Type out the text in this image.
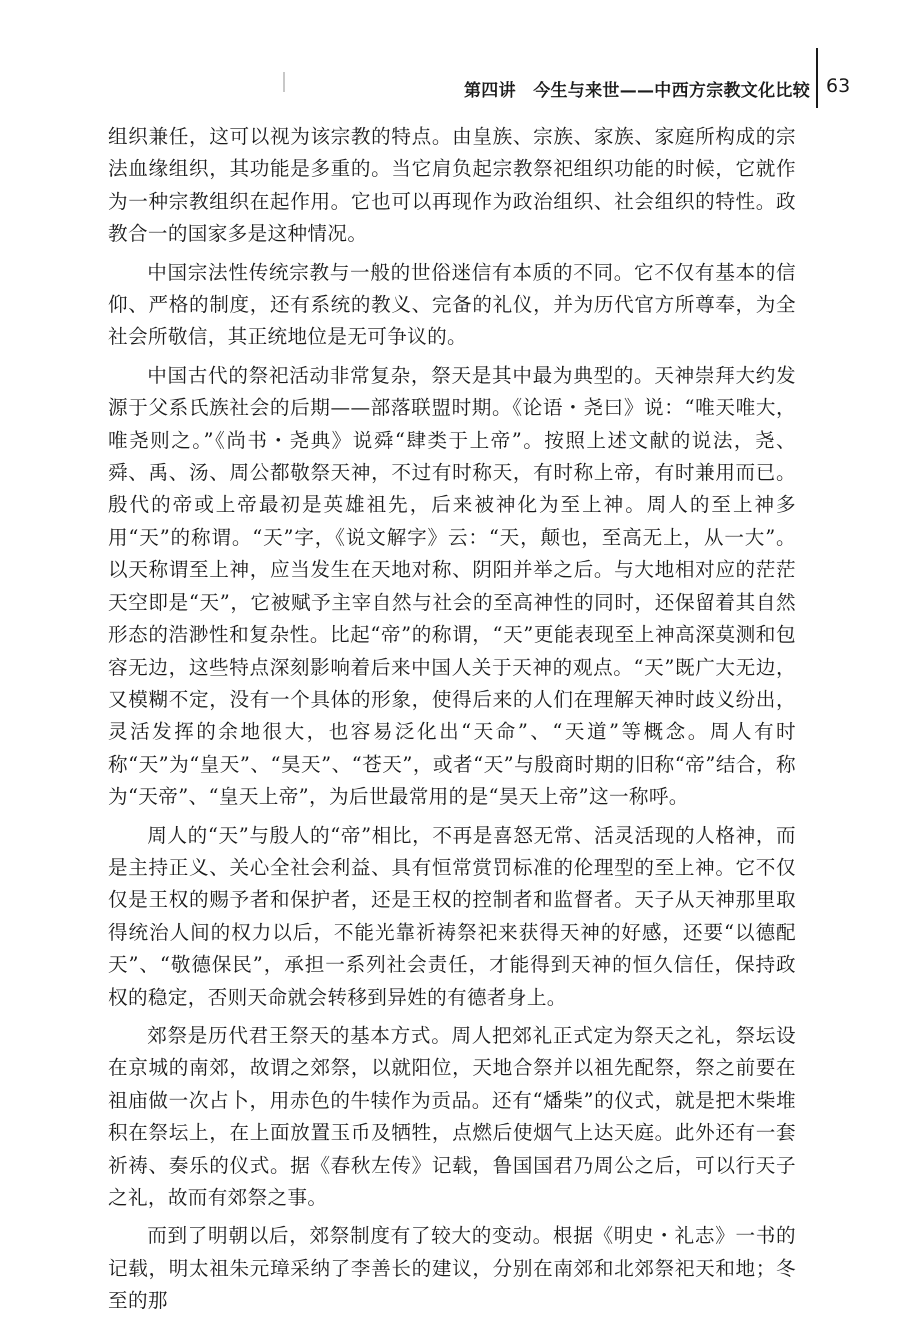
第四讲　今生与来世——中西方宗教文化比较 63

组织兼任，这可以视为该宗教的特点。由皇族、宗族、家族、家庭所构成的宗法血缘组织，其功能是多重的。当它肩负起宗教祭祀组织功能的时候，它就作为一种宗教组织在起作用。它也可以再现作为政治组织、社会组织的特性。政教合一的国家多是这种情况。

中国宗法性传统宗教与一般的世俗迷信有本质的不同。它不仅有基本的信仰、严格的制度，还有系统的教义、完备的礼仪，并为历代官方所尊奉，为全社会所敬信，其正统地位是无可争议的。

中国古代的祭祀活动非常复杂，祭天是其中最为典型的。天神崇拜大约发源于父系氏族社会的后期——部落联盟时期。《论语・尧曰》说：“唯天唯大，唯尧则之。”《尚书・尧典》说舜“肆类于上帝”。按照上述文献的说法，尧、舜、禹、汤、周公都敬祭天神，不过有时称天，有时称上帝，有时兼用而已。殷代的帝或上帝最初是英雄祖先，后来被神化为至上神。周人的至上神多用“天”的称谓。“天”字，《说文解字》云：“天，颠也，至高无上，从一大”。以天称谓至上神，应当发生在天地对称、阴阳并举之后。与大地相对应的茫茫天空即是“天”，它被赋予主宰自然与社会的至高神性的同时，还保留着其自然形态的浩渺性和复杂性。比起“帝”的称谓，“天”更能表现至上神高深莫测和包容无边，这些特点深刻影响着后来中国人关于天神的观点。“天”既广大无边，又模糊不定，没有一个具体的形象，使得后来的人们在理解天神时歧义纷出，灵活发挥的余地很大，也容易泛化出“天命”、“天道”等概念。周人有时称“天”为“皇天”、“昊天”、“苍天”，或者“天”与殷商时期的旧称“帝”结合，称为“天帝”、“皇天上帝”，为后世最常用的是“昊天上帝”这一称呼。

周人的“天”与殷人的“帝”相比，不再是喜怒无常、活灵活现的人格神，而是主持正义、关心全社会利益、具有恒常赏罚标准的伦理型的至上神。它不仅仅是王权的赐予者和保护者，还是王权的控制者和监督者。天子从天神那里取得统治人间的权力以后，不能光靠祈祷祭祀来获得天神的好感，还要“以德配天”、“敬德保民”，承担一系列社会责任，才能得到天神的恒久信任，保持政权的稳定，否则天命就会转移到异姓的有德者身上。

郊祭是历代君王祭天的基本方式。周人把郊礼正式定为祭天之礼，祭坛设在京城的南郊，故谓之郊祭，以就阳位，天地合祭并以祖先配祭，祭之前要在祖庙做一次占卜，用赤色的牛犊作为贡品。还有“燔柴”的仪式，就是把木柴堆积在祭坛上，在上面放置玉币及牺牲，点燃后使烟气上达天庭。此外还有一套祈祷、奏乐的仪式。据《春秋左传》记载，鲁国国君乃周公之后，可以行天子之礼，故而有郊祭之事。

而到了明朝以后，郊祭制度有了较大的变动。根据《明史・礼志》一书的记载，明太祖朱元璋采纳了李善长的建议，分别在南郊和北郊祭祀天和地；冬至的那
